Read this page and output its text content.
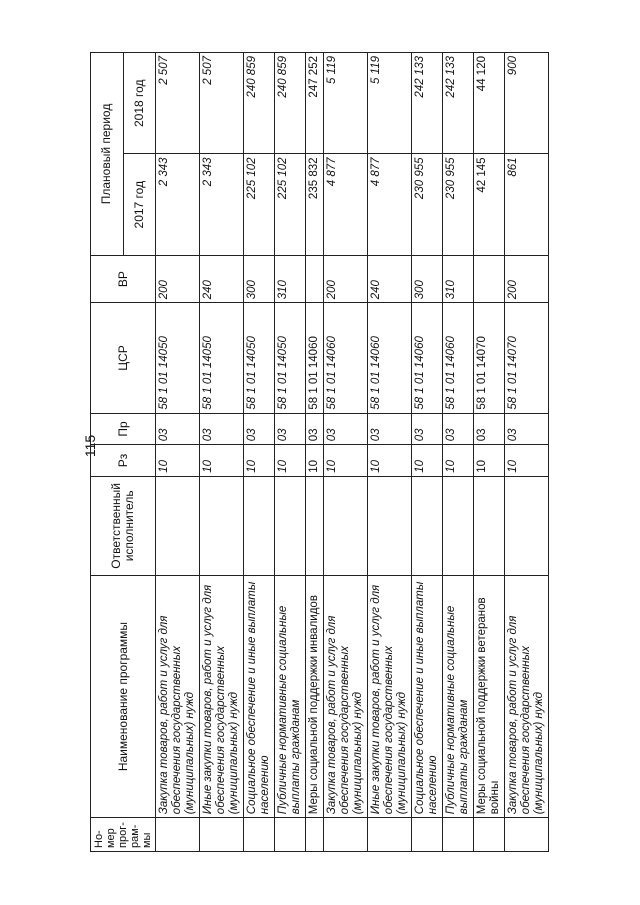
115
Но-
мер
прог-
рам-
мы	Наименование программы	Ответственный исполнитель	Рз	Пр	ЦСР	ВР	Плановый период	
							2017 год	2018 год
	Закупка товаров, работ и услуг для обеспечения государственных (муниципальных) нужд		10	03	58 1 01 14050	200	2 343	2 507
	Иные закупки товаров, работ и услуг для обеспечения государственных (муниципальных) нужд		10	03	58 1 01 14050	240	2 343	2 507
	Социальное обеспечение и иные выплаты населению		10	03	58 1 01 14050	300	225 102	240 859
	Публичные нормативные социальные выплаты гражданам		10	03	58 1 01 14050	310	225 102	240 859
	Меры социальной поддержки инвалидов		10	03	58 1 01 14060		235 832	247 252
	Закупка товаров, работ и услуг для обеспечения государственных (муниципальных) нужд		10	03	58 1 01 14060	200	4 877	5 119
	Иные закупки товаров, работ и услуг для обеспечения государственных (муниципальных) нужд		10	03	58 1 01 14060	240	4 877	5 119
	Социальное обеспечение и иные выплаты населению		10	03	58 1 01 14060	300	230 955	242 133
	Публичные нормативные социальные выплаты гражданам		10	03	58 1 01 14060	310	230 955	242 133
	Меры социальной поддержки ветеранов войны		10	03	58 1 01 14070		42 145	44 120
	Закупка товаров, работ и услуг для обеспечения государственных (муниципальных) нужд		10	03	58 1 01 14070	200	861	900
